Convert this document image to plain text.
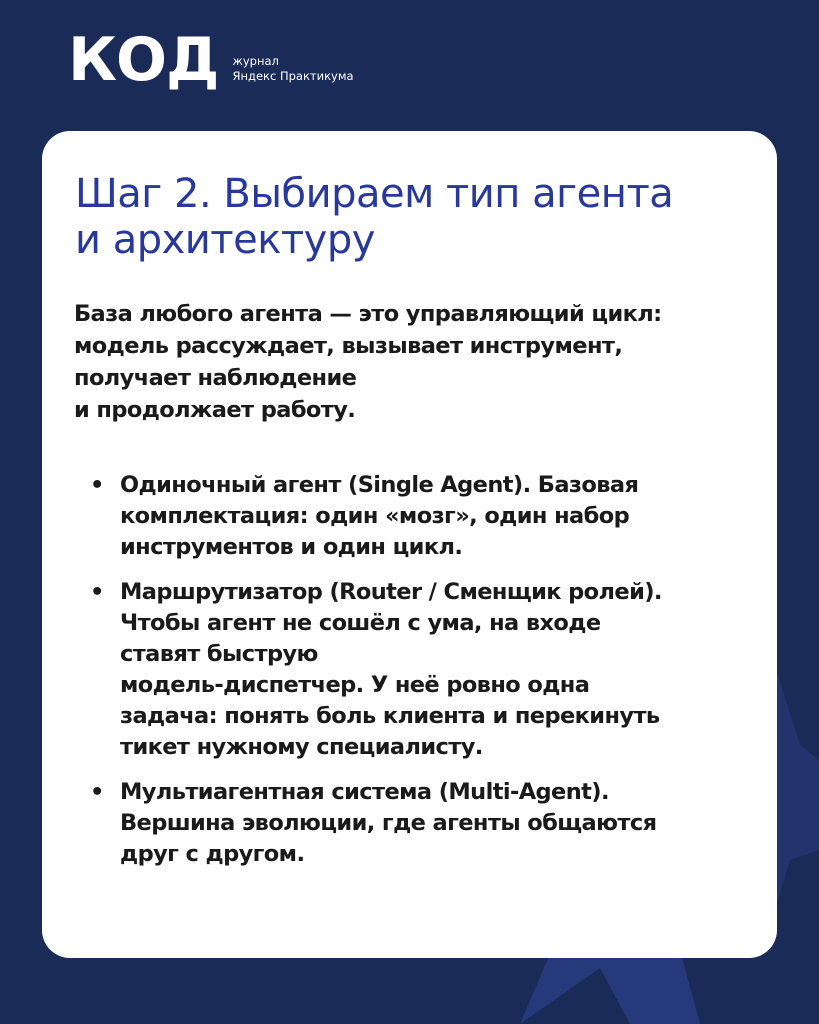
КОД журнал
Яндекс Практикума
Шаг 2. Выбираем тип агента
и архитектуру

База любого агента — это управляющий цикл:
модель рассуждает, вызывает инструмент,
получает наблюдение
и продолжает работу.

• Одиночный агент (Single Agent). Базовая
комплектация: один «мозг», один набор
инструментов и один цикл.
• Маршрутизатор (Router / Сменщик ролей).
Чтобы агент не сошёл с ума, на входе
ставят быструю
модель-диспетчер. У неё ровно одна
задача: понять боль клиента и перекинуть
тикет нужному специалисту.
• Мультиагентная система (Multi-Agent).
Вершина эволюции, где агенты общаются
друг с другом.
